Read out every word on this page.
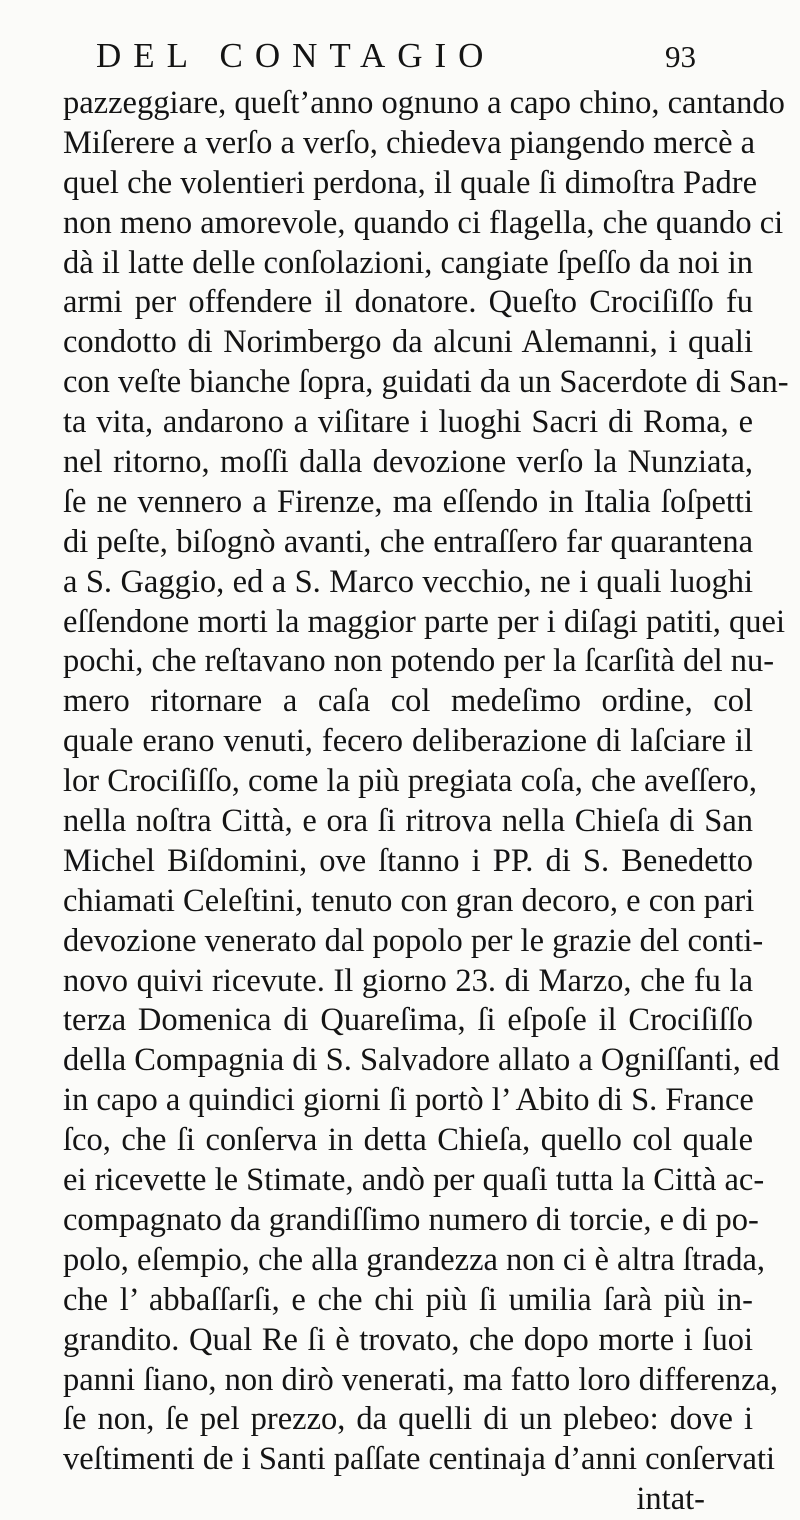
DEL CONTAGIO	93
pazzeggiare, queſt’anno ognuno a capo chino, cantando
Miſerere a verſo a verſo, chiedeva piangendo mercè a
quel che volentieri perdona, il quale ſi dimoſtra Padre
non meno amorevole, quando ci flagella, che quando ci
dà il latte delle conſolazioni, cangiate ſpeſſo da noi in
armi per offendere il donatore. Queſto Crociſiſſo fu
condotto di Norimbergo da alcuni Alemanni, i quali
con veſte bianche ſopra, guidati da un Sacerdote di San-
ta vita, andarono a viſitare i luoghi Sacri di Roma, e
nel ritorno, moſſi dalla devozione verſo la Nunziata,
ſe ne vennero a Firenze, ma eſſendo in Italia ſoſpetti
di peſte, biſognò avanti, che entraſſero far quarantena
a S. Gaggio, ed a S. Marco vecchio, ne i quali luoghi
eſſendone morti la maggior parte per i diſagi patiti, quei
pochi, che reſtavano non potendo per la ſcarſità del nu-
mero ritornare a caſa col medeſimo ordine, col
quale erano venuti, fecero deliberazione di laſciare il
lor Crociſiſſo, come la più pregiata coſa, che aveſſero,
nella noſtra Città, e ora ſi ritrova nella Chieſa di San
Michel Biſdomini, ove ſtanno i PP. di S. Benedetto
chiamati Celeſtini, tenuto con gran decoro, e con pari
devozione venerato dal popolo per le grazie del conti-
novo quivi ricevute. Il giorno 23. di Marzo, che fu la
terza Domenica di Quareſima, ſi eſpoſe il Crociſiſſo
della Compagnia di S. Salvadore allato a Ogniſſanti, ed
in capo a quindici giorni ſi portò l’ Abito di S. France
ſco, che ſi conſerva in detta Chieſa, quello col quale
ei ricevette le Stimate, andò per quaſi tutta la Città ac-
compagnato da grandiſſimo numero di torcie, e di po-
polo, eſempio, che alla grandezza non ci è altra ſtrada,
che l’ abbaſſarſi, e che chi più ſi umilia ſarà più in-
grandito. Qual Re ſi è trovato, che dopo morte i ſuoi
panni ſiano, non dirò venerati, ma fatto loro differenza,
ſe non, ſe pel prezzo, da quelli di un plebeo: dove i
veſtimenti de i Santi paſſate centinaja d’anni conſervati
intat-
